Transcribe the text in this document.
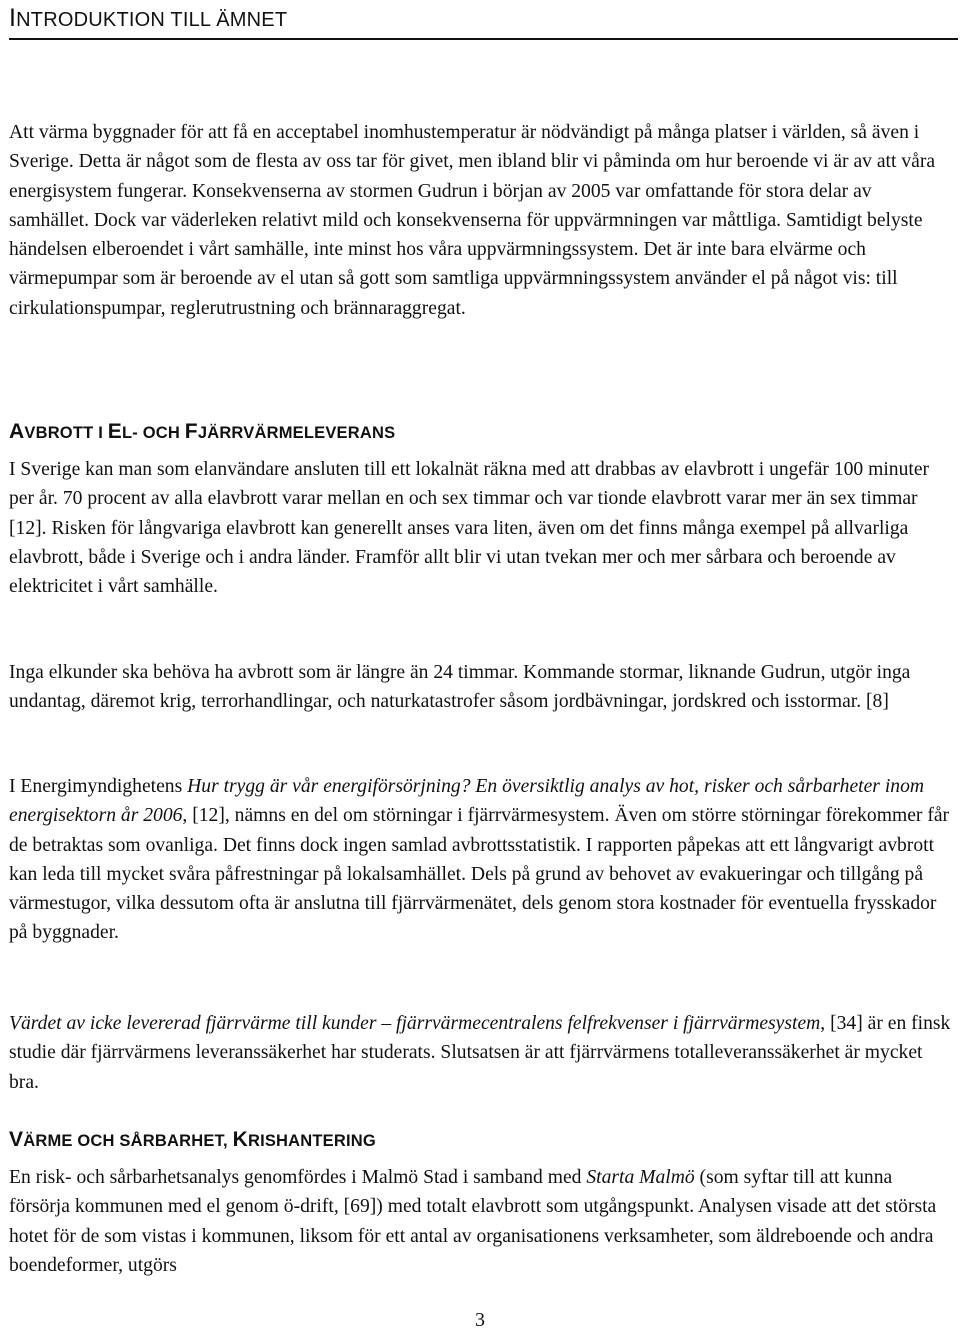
INTRODUKTION TILL ÄMNET

Att värma byggnader för att få en acceptabel inomhustemperatur är nödvändigt på många platser i världen, så även i Sverige. Detta är något som de flesta av oss tar för givet, men ibland blir vi påminda om hur beroende vi är av att våra energisystem fungerar. Konsekvenserna av stormen Gudrun i början av 2005 var omfattande för stora delar av samhället. Dock var väderleken relativt mild och konsekvenserna för uppvärmningen var måttliga. Samtidigt belyste händelsen elberoendet i vårt samhälle, inte minst hos våra uppvärmningssystem. Det är inte bara elvärme och värmepumpar som är beroende av el utan så gott som samtliga uppvärmningssystem använder el på något vis: till cirkulationspumpar, reglerutrustning och brännaraggregat.

AVBROTT I EL- OCH FJÄRRVÄRMELEVERANS

I Sverige kan man som elanvändare ansluten till ett lokalnät räkna med att drabbas av elavbrott i ungefär 100 minuter per år. 70 procent av alla elavbrott varar mellan en och sex timmar och var tionde elavbrott varar mer än sex timmar [12]. Risken för långvariga elavbrott kan generellt anses vara liten, även om det finns många exempel på allvarliga elavbrott, både i Sverige och i andra länder. Framför allt blir vi utan tvekan mer och mer sårbara och beroende av elektricitet i vårt samhälle.

Inga elkunder ska behöva ha avbrott som är längre än 24 timmar. Kommande stormar, liknande Gudrun, utgör inga undantag, däremot krig, terrorhandlingar, och naturkatastrofer såsom jordbävningar, jordskred och isstormar. [8]

I Energimyndighetens Hur trygg är vår energiförsörjning? En översiktlig analys av hot, risker och sårbarheter inom energisektorn år 2006, [12], nämns en del om störningar i fjärrvärmesystem. Även om större störningar förekommer får de betraktas som ovanliga. Det finns dock ingen samlad avbrottsstatistik. I rapporten påpekas att ett långvarigt avbrott kan leda till mycket svåra påfrestningar på lokalsamhället. Dels på grund av behovet av evakueringar och tillgång på värmestugor, vilka dessutom ofta är anslutna till fjärrvärmenätet, dels genom stora kostnader för eventuella frysskador på byggnader.

Värdet av icke levererad fjärrvärme till kunder – fjärrvärmecentralens felfrekvenser i fjärrvärmesystem, [34] är en finsk studie där fjärrvärmens leveranssäkerhet har studerats. Slutsatsen är att fjärrvärmens totalleveranssäkerhet är mycket bra.

VÄRME OCH SÅRBARHET, KRISHANTERING

En risk- och sårbarhetsanalys genomfördes i Malmö Stad i samband med Starta Malmö (som syftar till att kunna försörja kommunen med el genom ö-drift, [69]) med totalt elavbrott som utgångspunkt. Analysen visade att det största hotet för de som vistas i kommunen, liksom för ett antal av organisationens verksamheter, som äldreboende och andra boendeformer, utgörs

3
